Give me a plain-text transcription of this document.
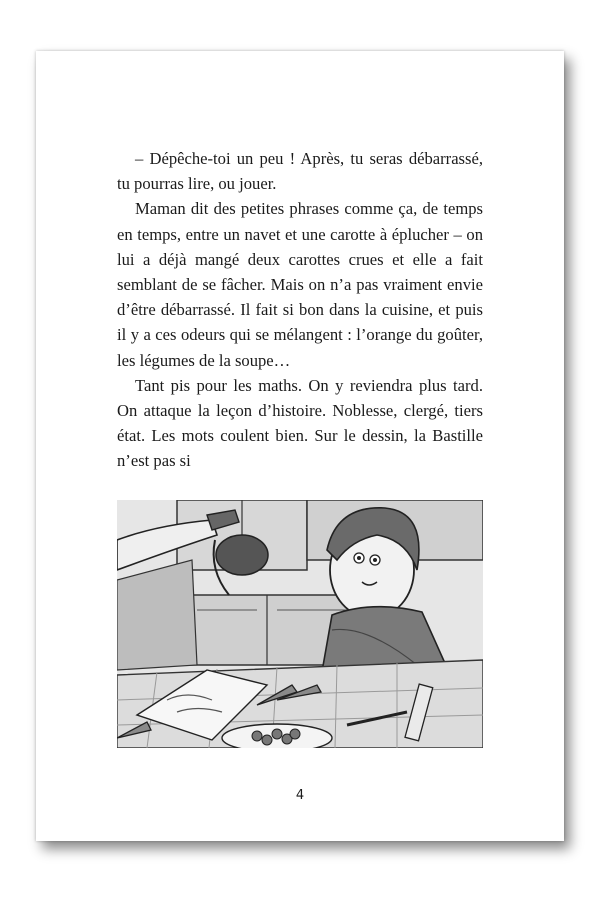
– Dépêche-toi un peu ! Après, tu seras débarrassé, tu pourras lire, ou jouer.

Maman dit des petites phrases comme ça, de temps en temps, entre un navet et une carotte à éplucher – on lui a déjà mangé deux carottes crues et elle a fait semblant de se fâcher. Mais on n’a pas vraiment envie d’être débarrassé. Il fait si bon dans la cuisine, et puis il y a ces odeurs qui se mélangent : l’orange du goûter, les légumes de la soupe…

Tant pis pour les maths. On y reviendra plus tard. On attaque la leçon d’histoire. Noblesse, clergé, tiers état. Les mots coulent bien. Sur le dessin, la Bastille n’est pas si

4
